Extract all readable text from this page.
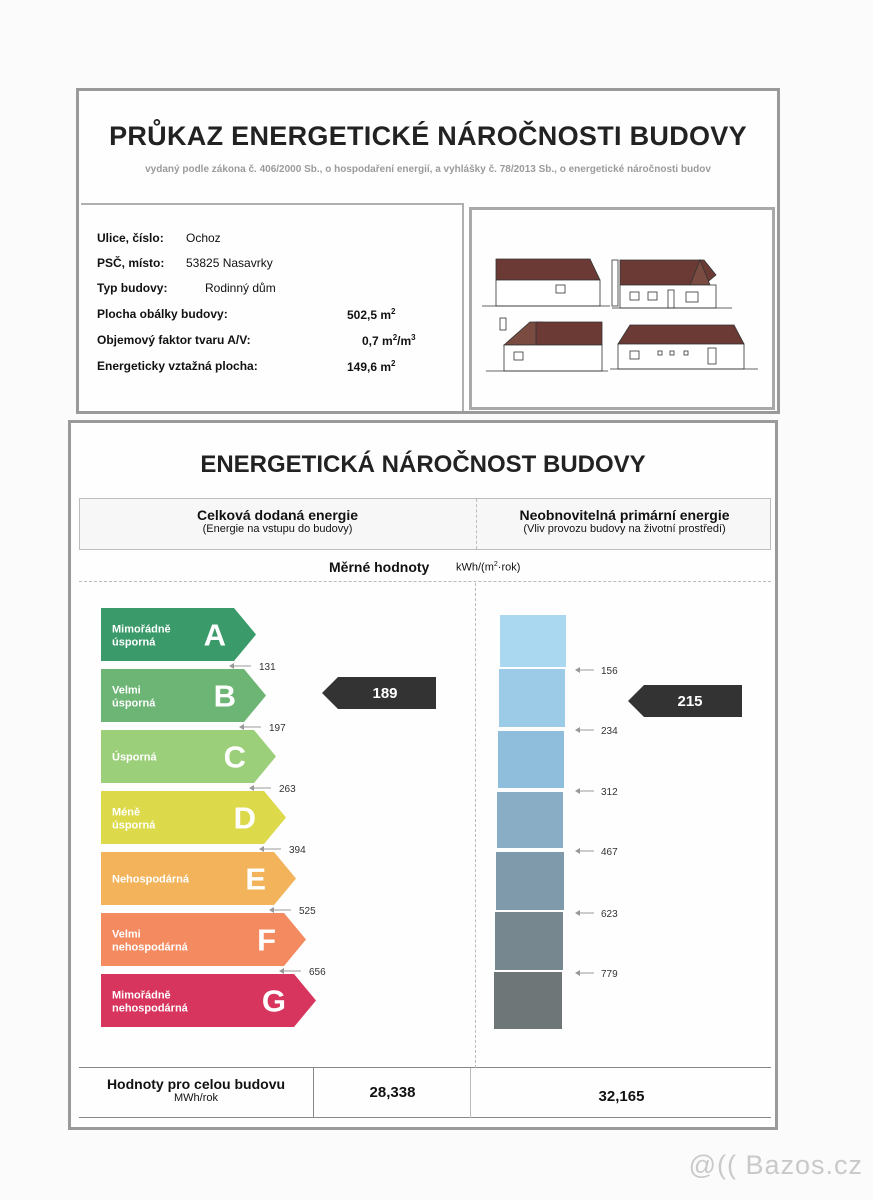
PRŮKAZ ENERGETICKÉ NÁROČNOSTI BUDOVY
vydaný podle zákona č. 406/2000 Sb., o hospodaření energií, a vyhlášky č. 78/2013 Sb., o energetické náročnosti budov
Ulice, číslo: Ochoz
PSČ, místo: 53825 Nasavrky
Typ budovy:	Rodinný dům
Plocha obálky budovy:	502,5 $m^2$
Objemový faktor tvaru A/V:	0,7 $m^2/m^3$
Energeticky vztažná plocha:	149,6 $m^2$
ENERGETICKÁ NÁROČNOST BUDOVY
Celková dodaná energie
(Energie na vstupu do budovy)
Neobnovitelná primární energie
(Vliv provozu budovy na životní prostředí)
Měrné hodnoty kWh/$(m^2\cdot rok)$
Mimořádně
úsporná A
Velmi
úsporná B
Úsporná C
Méně
úsporná	D
Nehospodárná E
Velmi
nehospodárná F
Mimořádně
nehospodárná G
131
197
263
394
525
656
189
156
234
312
467
623
779
215
Hodnoty pro celou budovu
MWh/rok	28,338	32,165
@(( Bazos.cz
